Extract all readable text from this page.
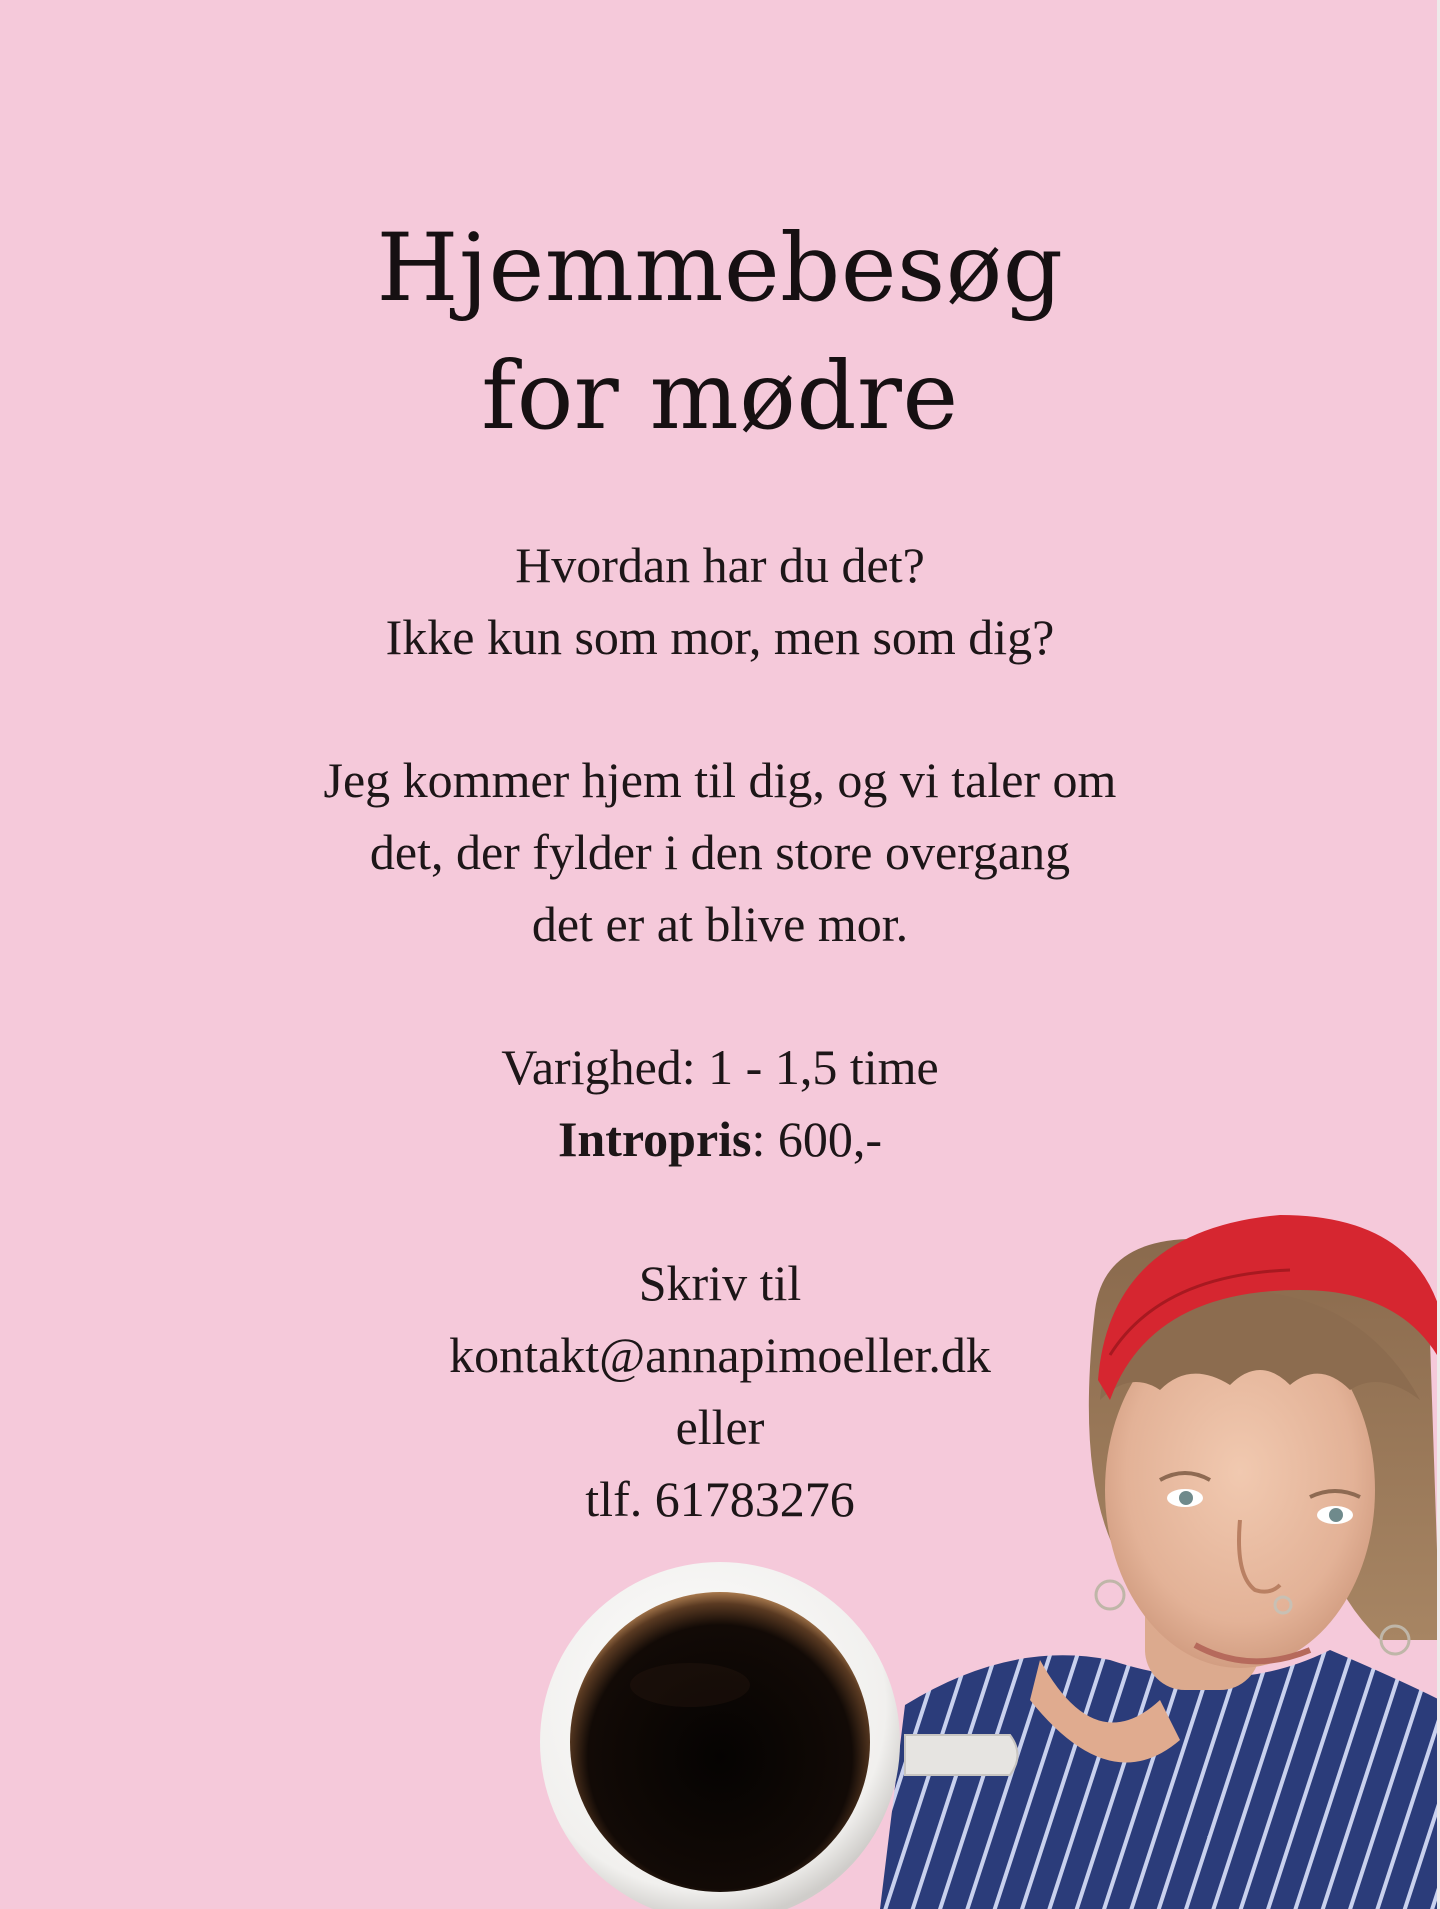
Hjemmebesøg
for mødre
Hvordan har du det?
Ikke kun som mor, men som dig?
Jeg kommer hjem til dig, og vi taler om
det, der fylder i den store overgang
det er at blive mor.
Varighed: 1 - 1,5 time
Intropris: 600,-
Skriv til
kontakt@annapimoeller.dk
eller
tlf. 61783276
